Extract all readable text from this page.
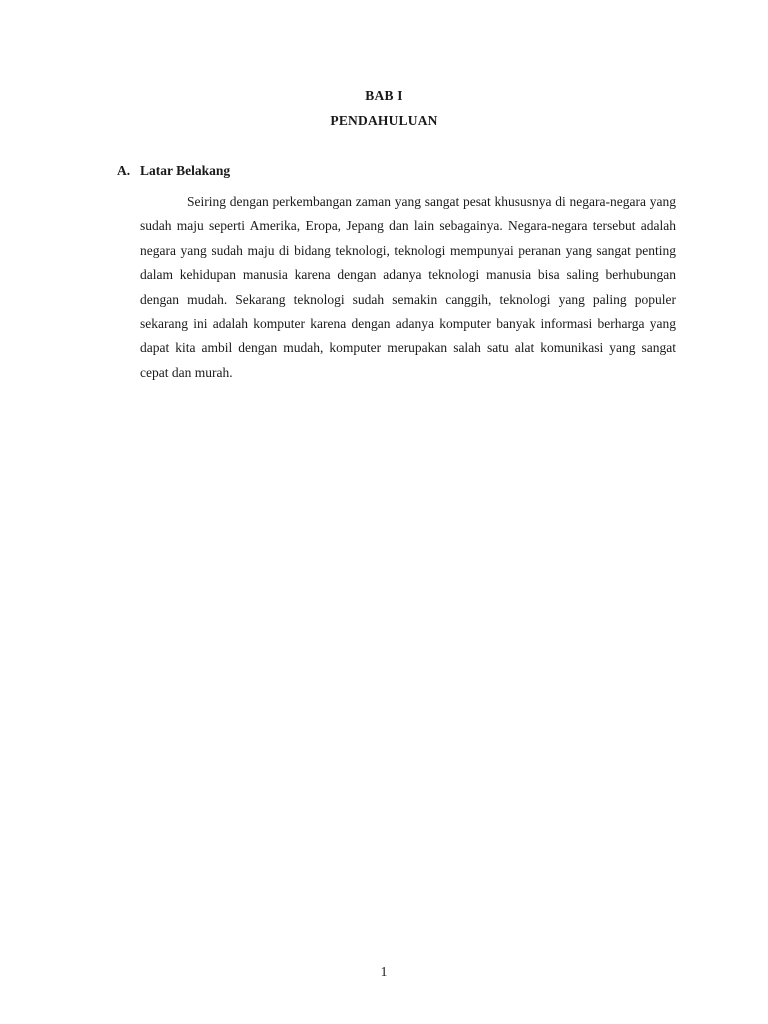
BAB I
PENDAHULUAN
A. Latar Belakang

Seiring dengan perkembangan zaman yang sangat pesat khususnya di negara-negara yang sudah maju seperti Amerika, Eropa, Jepang dan lain sebagainya. Negara-negara tersebut adalah negara yang sudah maju di bidang teknologi, teknologi mempunyai peranan yang sangat penting dalam kehidupan manusia karena dengan adanya teknologi manusia bisa saling berhubungan dengan mudah. Sekarang teknologi sudah semakin canggih, teknologi yang paling populer sekarang ini adalah komputer karena dengan adanya komputer banyak informasi berharga yang dapat kita ambil dengan mudah, komputer merupakan salah satu alat komunikasi yang sangat cepat dan murah.

1
